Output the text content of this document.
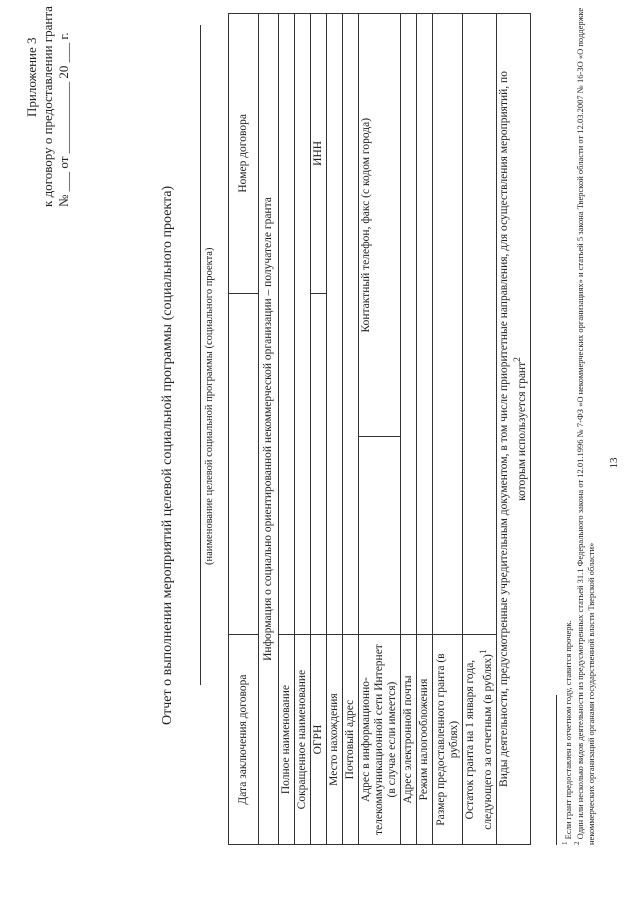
13
Приложение 3 к договору о предоставлении гранта № ___ от ___________ 20 ___ г.
Отчет о выполнении мероприятий целевой социальной программы (социального проекта)	(наименование целевой социальной программы (социального проекта)
Дата заключения договора			Номер договора
Информация о социально ориентированной некоммерческой организации – получателе гранта			
Полное наименование			
Сокращенное наименование			
ОГРН			ИНН
Место нахождения			
Почтовый адрес			
Адрес в информационно-телекоммуникационной сети Интернет (в случае если имеется)		Контактный телефон, факс (с кодом города)	
Адрес электронной почты			
Режим налогообложения			
Размер предоставленного гранта (в рублях)			
Остаток гранта на 1 января года, следующего за отчетным (в рублях)$^1$	
Виды деятельности, предусмотренные учредительным документом, в том числе приоритетные направления, для осуществления мероприятий, по которым используется грант$^2$
$^1$ Если грант предоставлен в отчетном году, ставится прочерк.
$^2$ Один или несколько видов деятельности из предусмотренных статьей 31.1 Федерального закона от 12.01.1996 № 7-ФЗ «О некоммерческих организациях» и статьей 5 закона Тверской области от 12.03.2007 № 16-ЗО «О поддержке некоммерческих организаций органами государственной власти Тверской области»
